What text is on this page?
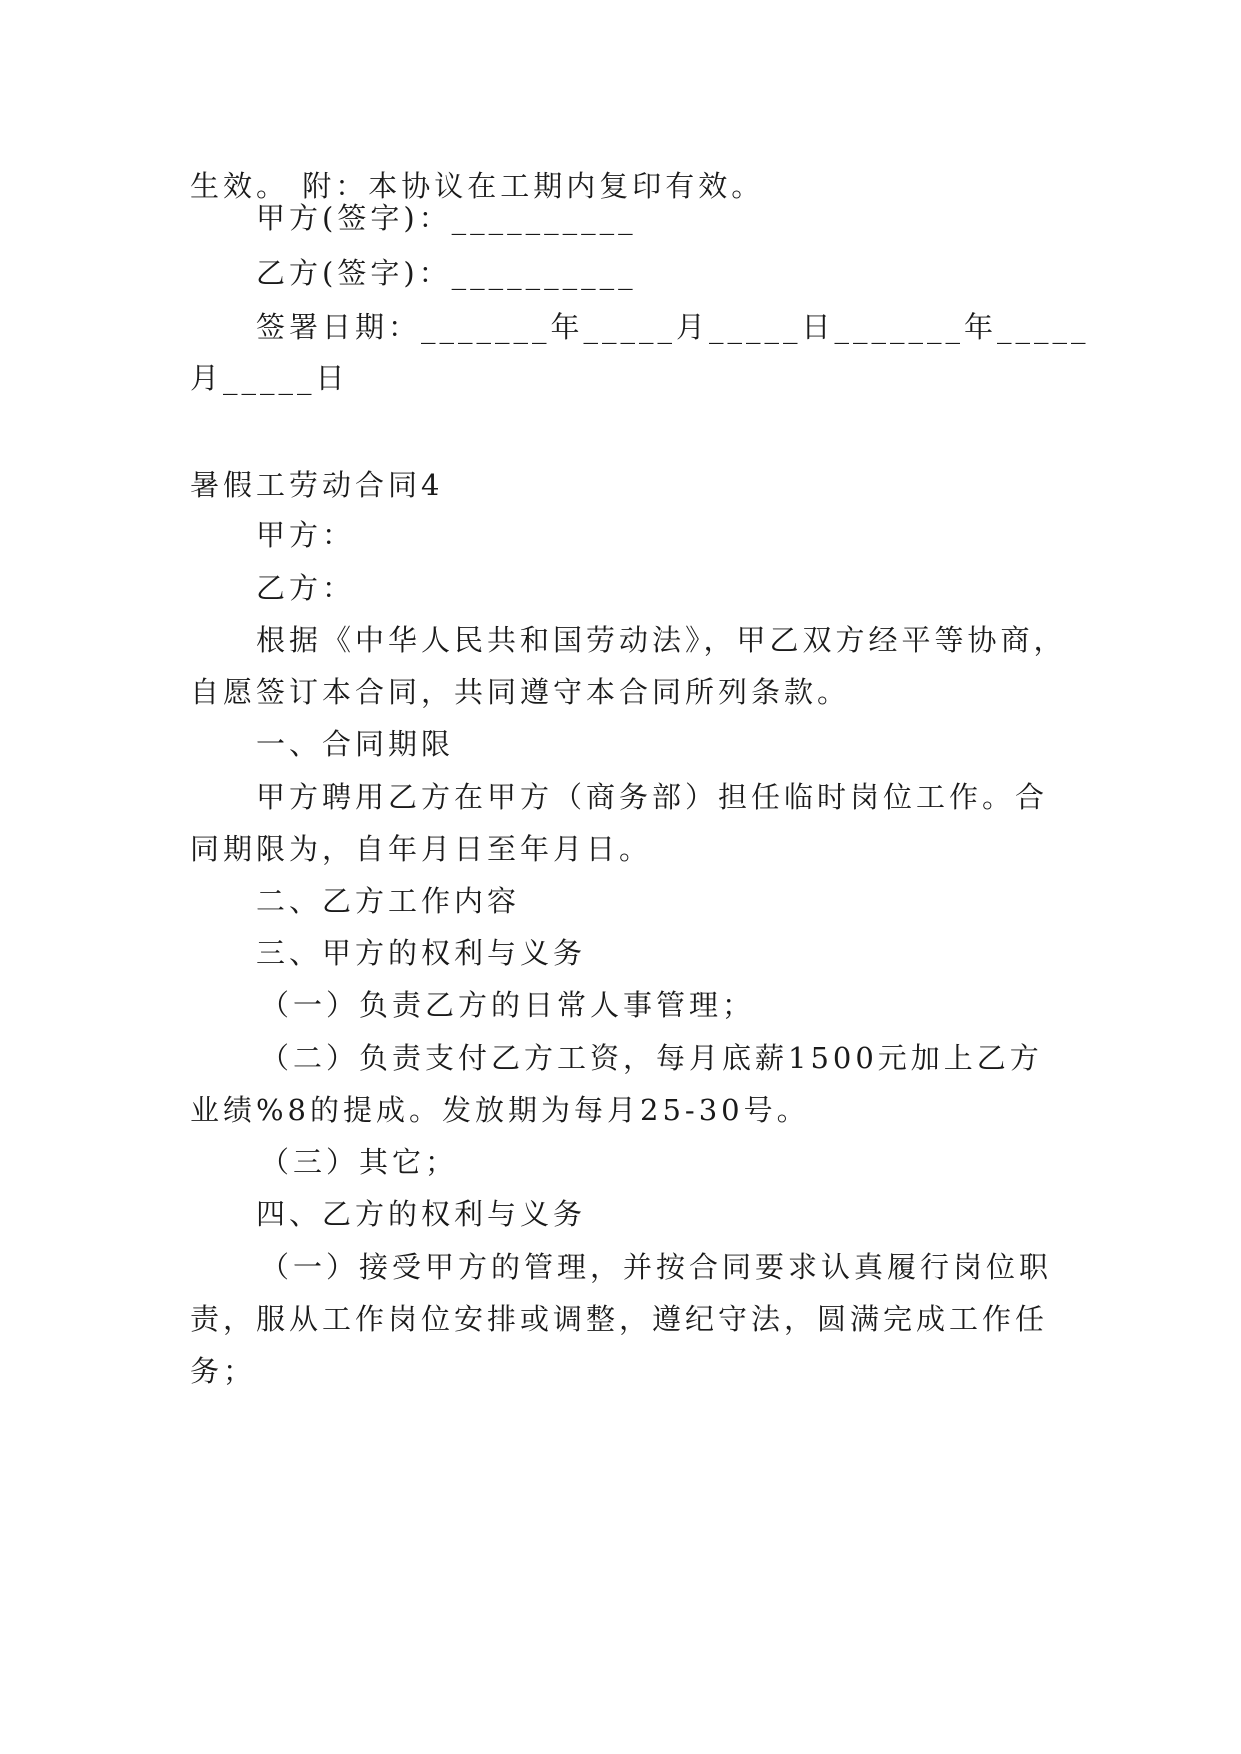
生效。 附：本协议在工期内复印有效。
甲方(签字)：__________
乙方(签字)：__________
签署日期：_______年_____月_____日_______年_____
月_____日
暑假工劳动合同4
甲方：
乙方：
根据《中华人民共和国劳动法》，甲乙双方经平等协商，
自愿签订本合同，共同遵守本合同所列条款。
一、合同期限
甲方聘用乙方在甲方（商务部）担任临时岗位工作。合
同期限为，自年月日至年月日。
二、乙方工作内容
三、甲方的权利与义务
（一）负责乙方的日常人事管理；
（二）负责支付乙方工资，每月底薪1500元加上乙方
业绩%8的提成。发放期为每月25-30号。
（三）其它；
四、乙方的权利与义务
（一）接受甲方的管理，并按合同要求认真履行岗位职
责，服从工作岗位安排或调整，遵纪守法，圆满完成工作任
务；
